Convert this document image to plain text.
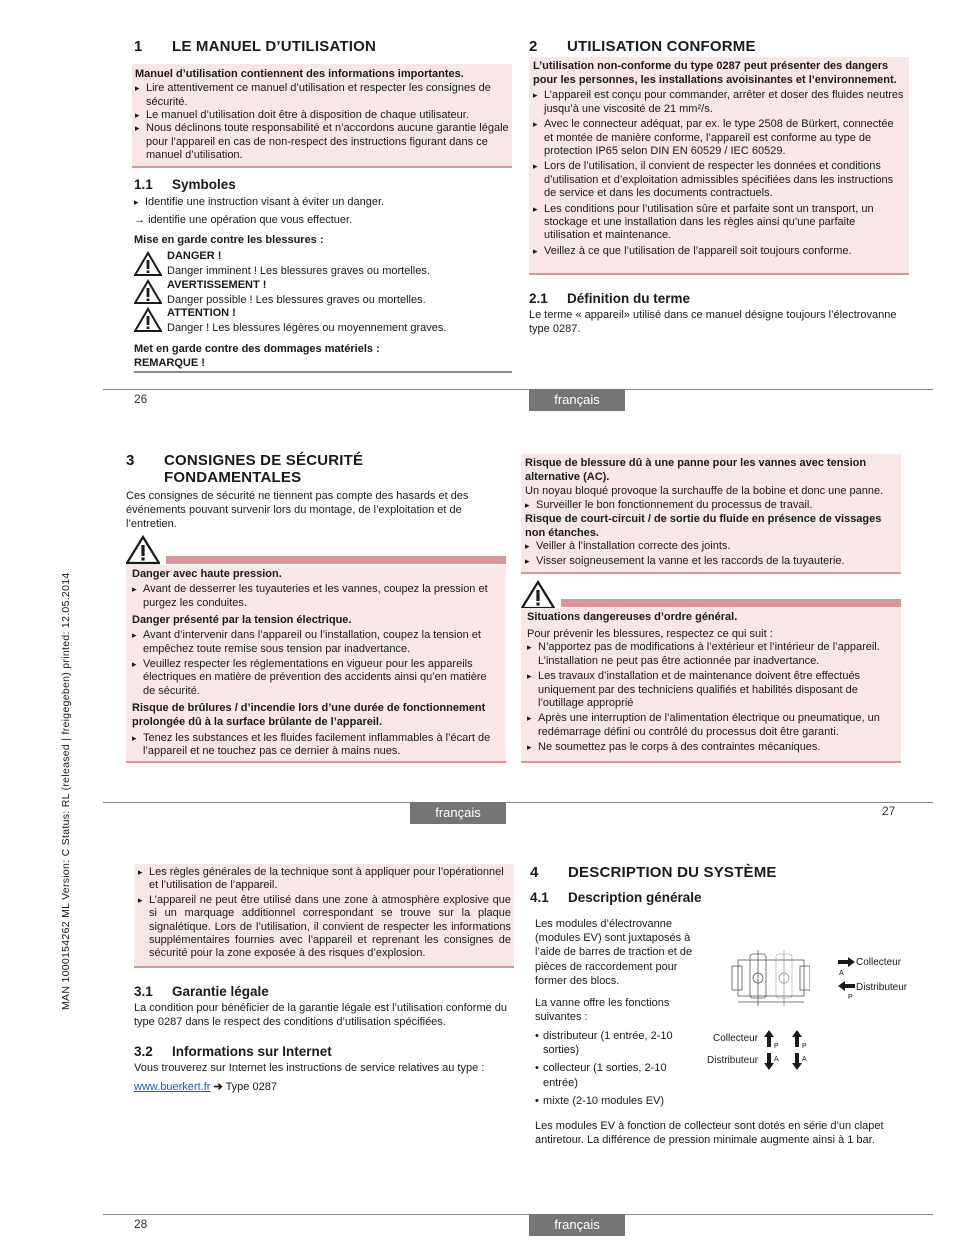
MAN 1000154262 ML Version: C Status: RL (released | freigegeben) printed: 12.05.2014
1 LE MANUEL D’UTILISATION
Manuel d’utilisation contiennent des informations importantes.
▸ Lire attentivement ce manuel d’utilisation et respecter les consignes de sécurité.
▸ Le manuel d’utilisation doit être à disposition de chaque utilisateur.
▸ Nous déclinons toute responsabilité et n’accordons aucune garantie légale pour l’appareil en cas de non-respect des instructions figurant dans ce manuel d’utilisation.
1.1 Symboles
▸ Identifie une instruction visant à éviter un danger.
→ identifie une opération que vous effectuer.
Mise en garde contre les blessures :
DANGER !
Danger imminent ! Les blessures graves ou mortelles.
AVERTISSEMENT !
Danger possible ! Les blessures graves ou mortelles.
ATTENTION !
Danger ! Les blessures légères ou moyennement graves.
Met en garde contre des dommages matériels :
REMARQUE !
2 UTILISATION CONFORME
L’utilisation non-conforme du type 0287 peut présenter des dangers pour les personnes, les installations avoisinantes et l’environnement.
▸ L’appareil est conçu pour commander, arrêter et doser des fluides neutres jusqu’à une viscosité de 21 mm²/s.
▸ Avec le connecteur adéquat, par ex. le type 2508 de Bürkert, connectée et montée de manière conforme, l’appareil est conforme au type de protection IP65 selon DIN EN 60529 / IEC 60529.
▸ Lors de l’utilisation, il convient de respecter les données et conditions d’utilisation et d’exploitation admissibles spécifiées dans les instructions de service et dans les documents contractuels.
▸ Les conditions pour l’utilisation sûre et parfaite sont un transport, un stockage et une installation dans les règles ainsi qu’une parfaite utilisation et maintenance.
▸ Veillez à ce que l’utilisation de l’appareil soit toujours conforme.
2.1 Définition du terme
Le terme « appareil» utilisé dans ce manuel désigne toujours l’électrovanne type 0287.
26	français
3 CONSIGNES DE SÉCURITÉ
FONDAMENTALES
Ces consignes de sécurité ne tiennent pas compte des hasards et des événements pouvant survenir lors du montage, de l’exploitation et de l’entretien.
Danger avec haute pression.
▸ Avant de desserrer les tuyauteries et les vannes, coupez la pression et purgez les conduites.
Danger présenté par la tension électrique.
▸ Avant d’intervenir dans l’appareil ou l’installation, coupez la tension et empêchez toute remise sous tension par inadvertance.
▸ Veuillez respecter les réglementations en vigueur pour les appareils électriques en matière de prévention des accidents ainsi qu’en matière de sécurité.
Risque de brûlures / d’incendie lors d’une durée de fonctionnement prolongée dû à la surface brûlante de l’appareil.
▸ Tenez les substances et les fluides facilement inflammables à l’écart de l’appareil et ne touchez pas ce dernier à mains nues.
Risque de blessure dû à une panne pour les vannes avec tension alternative (AC).
Un noyau bloqué provoque la surchauffe de la bobine et donc une panne.
▸ Surveiller le bon fonctionnement du processus de travail.
Risque de court-circuit / de sortie du fluide en présence de vissages non étanches.
▸ Veiller à l’installation correcte des joints.
▸ Visser soigneusement la vanne et les raccords de la tuyauterie.
Situations dangereuses d’ordre général.
Pour prévenir les blessures, respectez ce qui suit :
▸ N’apportez pas de modifications à l’extérieur et l’intérieur de l’appareil. L’installation ne peut pas être actionnée par inadvertance.
▸ Les travaux d’installation et de maintenance doivent être effectués uniquement par des techniciens qualifiés et habilités disposant de l’outillage approprié
▸ Après une interruption de l’alimentation électrique ou pneumatique, un redémarrage défini ou contrôlé du processus doit être garanti.
▸ Ne soumettez pas le corps à des contraintes mécaniques.
français	27
▸ Les règles générales de la technique sont à appliquer pour l’opérationnel et l’utilisation de l’appareil.
▸ L’appareil ne peut être utilisé dans une zone à atmosphère explosive que si un marquage additionnel correspondant se trouve sur la plaque signalétique. Lors de l’utilisation, il convient de respecter les informations supplémentaires fournies avec l’appareil et reprenant les consignes de sécurité pour la zone exposée à des risques d’explosion.
3.1 Garantie légale
La condition pour bénéficier de la garantie légale est l’utilisation conforme du type 0287 dans le respect des conditions d’utilisation spécifiées.
3.2 Informations sur Internet
Vous trouverez sur Internet les instructions de service relatives au type :
www.buerkert.fr ➔ Type 0287
4 DESCRIPTION DU SYSTÈME
4.1 Description générale
Les modules d’électrovanne (modules EV) sont juxtaposés à l’aide de barres de traction et de pièces de raccordement pour former des blocs.
La vanne offre les fonctions suivantes :
• distributeur (1 entrée, 2-10 sorties)
• collecteur (1 sorties, 2-10 entrée)
• mixte (2-10 modules EV)
Les modules EV à fonction de collecteur sont dotés en série d’un clapet antiretour. La différence de pression minimale augmente ainsi à 1 bar.
Collecteur
A
Distributeur
P
Collecteur
P	P
Distributeur A	A
28	français
